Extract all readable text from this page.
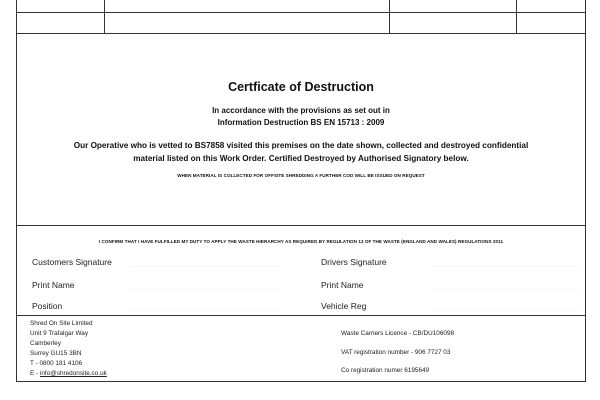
Certficate of Destruction
In accordance with the provisions as set out in
Information Destruction BS EN 15713 : 2009
Our Operative who is vetted to BS7858 visited this premises on the date shown, collected and destroyed confidential
material listed on this Work Order. Certified Destroyed by Authorised Signatory below.
WHEN MATERIAL IS COLLECTED FOR OFFSITE SHREDDING A FURTHER COD WILL BE ISSUED ON REQUEST
I CONFIRM THAT I HAVE FULFILLED MY DUTY TO APPLY THE WASTE HIERARCHY AS REQUIRED BY REGULATION 12 OF THE WASTE (ENGLAND AND WALES) REGULATIONS 2011
Customers Signature
Print Name
Position
Drivers Signature
Print Name
Vehicle Reg
Shred On Site Limited
Unit 9 Trafalgar Way
Camberley
Surrey GU15 3BN
T - 0800 181 4106
E - info@shredonsite.co.uk
Waste Carriers Licence - CB/DU106098
VAT registration number - 906 7727 03
Co registration numer 6195649
